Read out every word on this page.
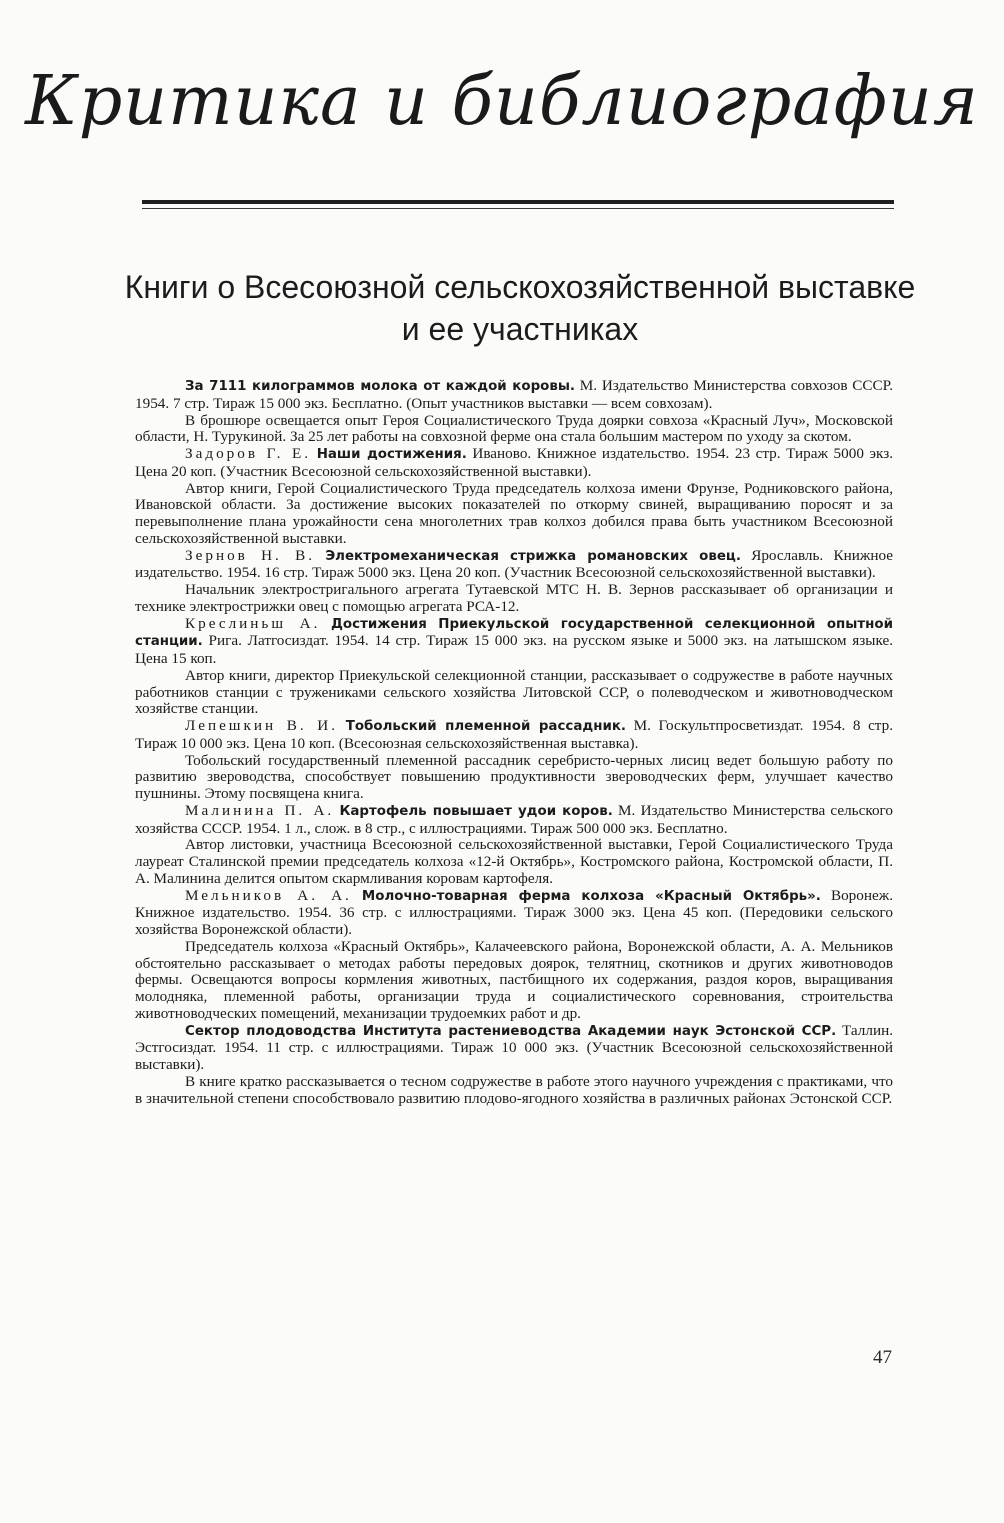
Критика и библиография
Книги о Всесоюзной сельскохозяйственной выставке
и ее участниках

За 7111 килограммов молока от каждой коровы. М. Издательство Министерства совхозов СССР. 1954. 7 стр. Тираж 15 000 экз. Бесплатно. (Опыт участников выставки — всем совхозам).

В брошюре освещается опыт Героя Социалистического Труда доярки совхоза «Красный Луч», Московской области, Н. Турукиной. За 25 лет работы на совхозной ферме она стала большим мастером по уходу за скотом.

Задоров Г. Е. Наши достижения. Иваново. Книжное издательство. 1954. 23 стр. Тираж 5000 экз. Цена 20 коп. (Участник Всесоюзной сельскохозяйственной выставки).

Автор книги, Герой Социалистического Труда председатель колхоза имени Фрунзе, Родниковского района, Ивановской области. За достижение высоких показателей по откорму свиней, выращиванию поросят и за перевыполнение плана урожайности сена многолетних трав колхоз добился права быть участником Всесоюзной сельскохозяйственной выставки.

Зернов Н. В. Электромеханическая стрижка романовских овец. Ярославль. Книжное издательство. 1954. 16 стр. Тираж 5000 экз. Цена 20 коп. (Участник Всесоюзной сельскохозяйственной выставки).

Начальник электростригального агрегата Тутаевской МТС Н. В. Зернов рассказывает об организации и технике электрострижки овец с помощью агрегата РСА-12.

Креслиньш А. Достижения Приекульской государственной селекционной опытной станции. Рига. Латгосиздат. 1954. 14 стр. Тираж 15 000 экз. на русском языке и 5000 экз. на латышском языке. Цена 15 коп.

Автор книги, директор Приекульской селекционной станции, рассказывает о содружестве в работе научных работников станции с тружениками сельского хозяйства Литовской ССР, о полеводческом и животноводческом хозяйстве станции.

Лепешкин В. И. Тобольский племенной рассадник. М. Госкультпросветиздат. 1954. 8 стр. Тираж 10 000 экз. Цена 10 коп. (Всесоюзная сельскохозяйственная выставка).

Тобольский государственный племенной рассадник серебристо-черных лисиц ведет большую работу по развитию звероводства, способствует повышению продуктивности звероводческих ферм, улучшает качество пушнины. Этому посвящена книга.

Малинина П. А. Картофель повышает удои коров. М. Издательство Министерства сельского хозяйства СССР. 1954. 1 л., слож. в 8 стр., с иллюстрациями. Тираж 500 000 экз. Бесплатно.

Автор листовки, участница Всесоюзной сельскохозяйственной выставки, Герой Социалистического Труда лауреат Сталинской премии председатель колхоза «12-й Октябрь», Костромского района, Костромской области, П. А. Малинина делится опытом скармливания коровам картофеля.

Мельников А. А. Молочно-товарная ферма колхоза «Красный Октябрь». Воронеж. Книжное издательство. 1954. 36 стр. с иллюстрациями. Тираж 3000 экз. Цена 45 коп. (Передовики сельского хозяйства Воронежской области).

Председатель колхоза «Красный Октябрь», Калачеевского района, Воронежской области, А. А. Мельников обстоятельно рассказывает о методах работы передовых доярок, телятниц, скотников и других животноводов фермы. Освещаются вопросы кормления животных, пастбищного их содержания, раздоя коров, выращивания молодняка, племенной работы, организации труда и социалистического соревнования, строительства животноводческих помещений, механизации трудоемких работ и др.

Сектор плодоводства Института растениеводства Академии наук Эстонской ССР. Таллин. Эстгосиздат. 1954. 11 стр. с иллюстрациями. Тираж 10 000 экз. (Участник Всесоюзной сельскохозяйственной выставки).

В книге кратко рассказывается о тесном содружестве в работе этого научного учреждения с практиками, что в значительной степени способствовало развитию плодово-ягодного хозяйства в различных районах Эстонской ССР.

47
